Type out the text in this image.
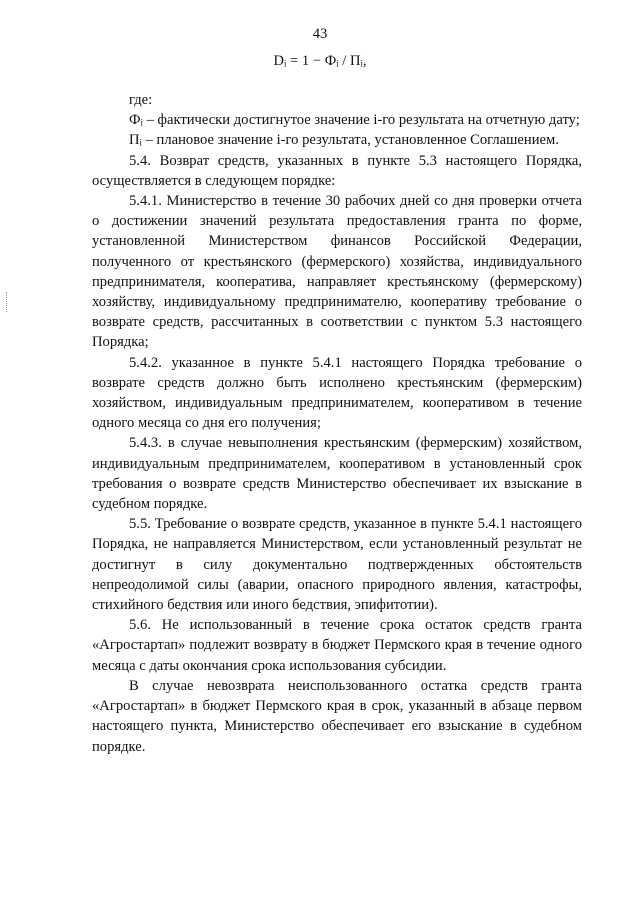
43
Dᵢ = 1 − Фᵢ / Пᵢ,

где:

Фᵢ – фактически достигнутое значение i-го результата на отчетную дату;

Пᵢ – плановое значение i-го результата, установленное Соглашением.

5.4. Возврат средств, указанных в пункте 5.3 настоящего Порядка, осуществляется в следующем порядке:

5.4.1. Министерство в течение 30 рабочих дней со дня проверки отчета о достижении значений результата предоставления гранта по форме, установленной Министерством финансов Российской Федерации, полученного от крестьянского (фермерского) хозяйства, индивидуального предпринимателя, кооператива, направляет крестьянскому (фермерскому) хозяйству, индивидуальному предпринимателю, кооперативу требование о возврате средств, рассчитанных в соответствии с пунктом 5.3 настоящего Порядка;

5.4.2. указанное в пункте 5.4.1 настоящего Порядка требование о возврате средств должно быть исполнено крестьянским (фермерским) хозяйством, индивидуальным предпринимателем, кооперативом в течение одного месяца со дня его получения;

5.4.3. в случае невыполнения крестьянским (фермерским) хозяйством, индивидуальным предпринимателем, кооперативом в установленный срок требования о возврате средств Министерство обеспечивает их взыскание в судебном порядке.

5.5. Требование о возврате средств, указанное в пункте 5.4.1 настоящего Порядка, не направляется Министерством, если установленный результат не достигнут в силу документально подтвержденных обстоятельств непреодолимой силы (аварии, опасного природного явления, катастрофы, стихийного бедствия или иного бедствия, эпифитотии).

5.6. Не использованный в течение срока остаток средств гранта «Агростартап» подлежит возврату в бюджет Пермского края в течение одного месяца с даты окончания срока использования субсидии.

В случае невозврата неиспользованного остатка средств гранта «Агростартап» в бюджет Пермского края в срок, указанный в абзаце первом настоящего пункта, Министерство обеспечивает его взыскание в судебном порядке.
